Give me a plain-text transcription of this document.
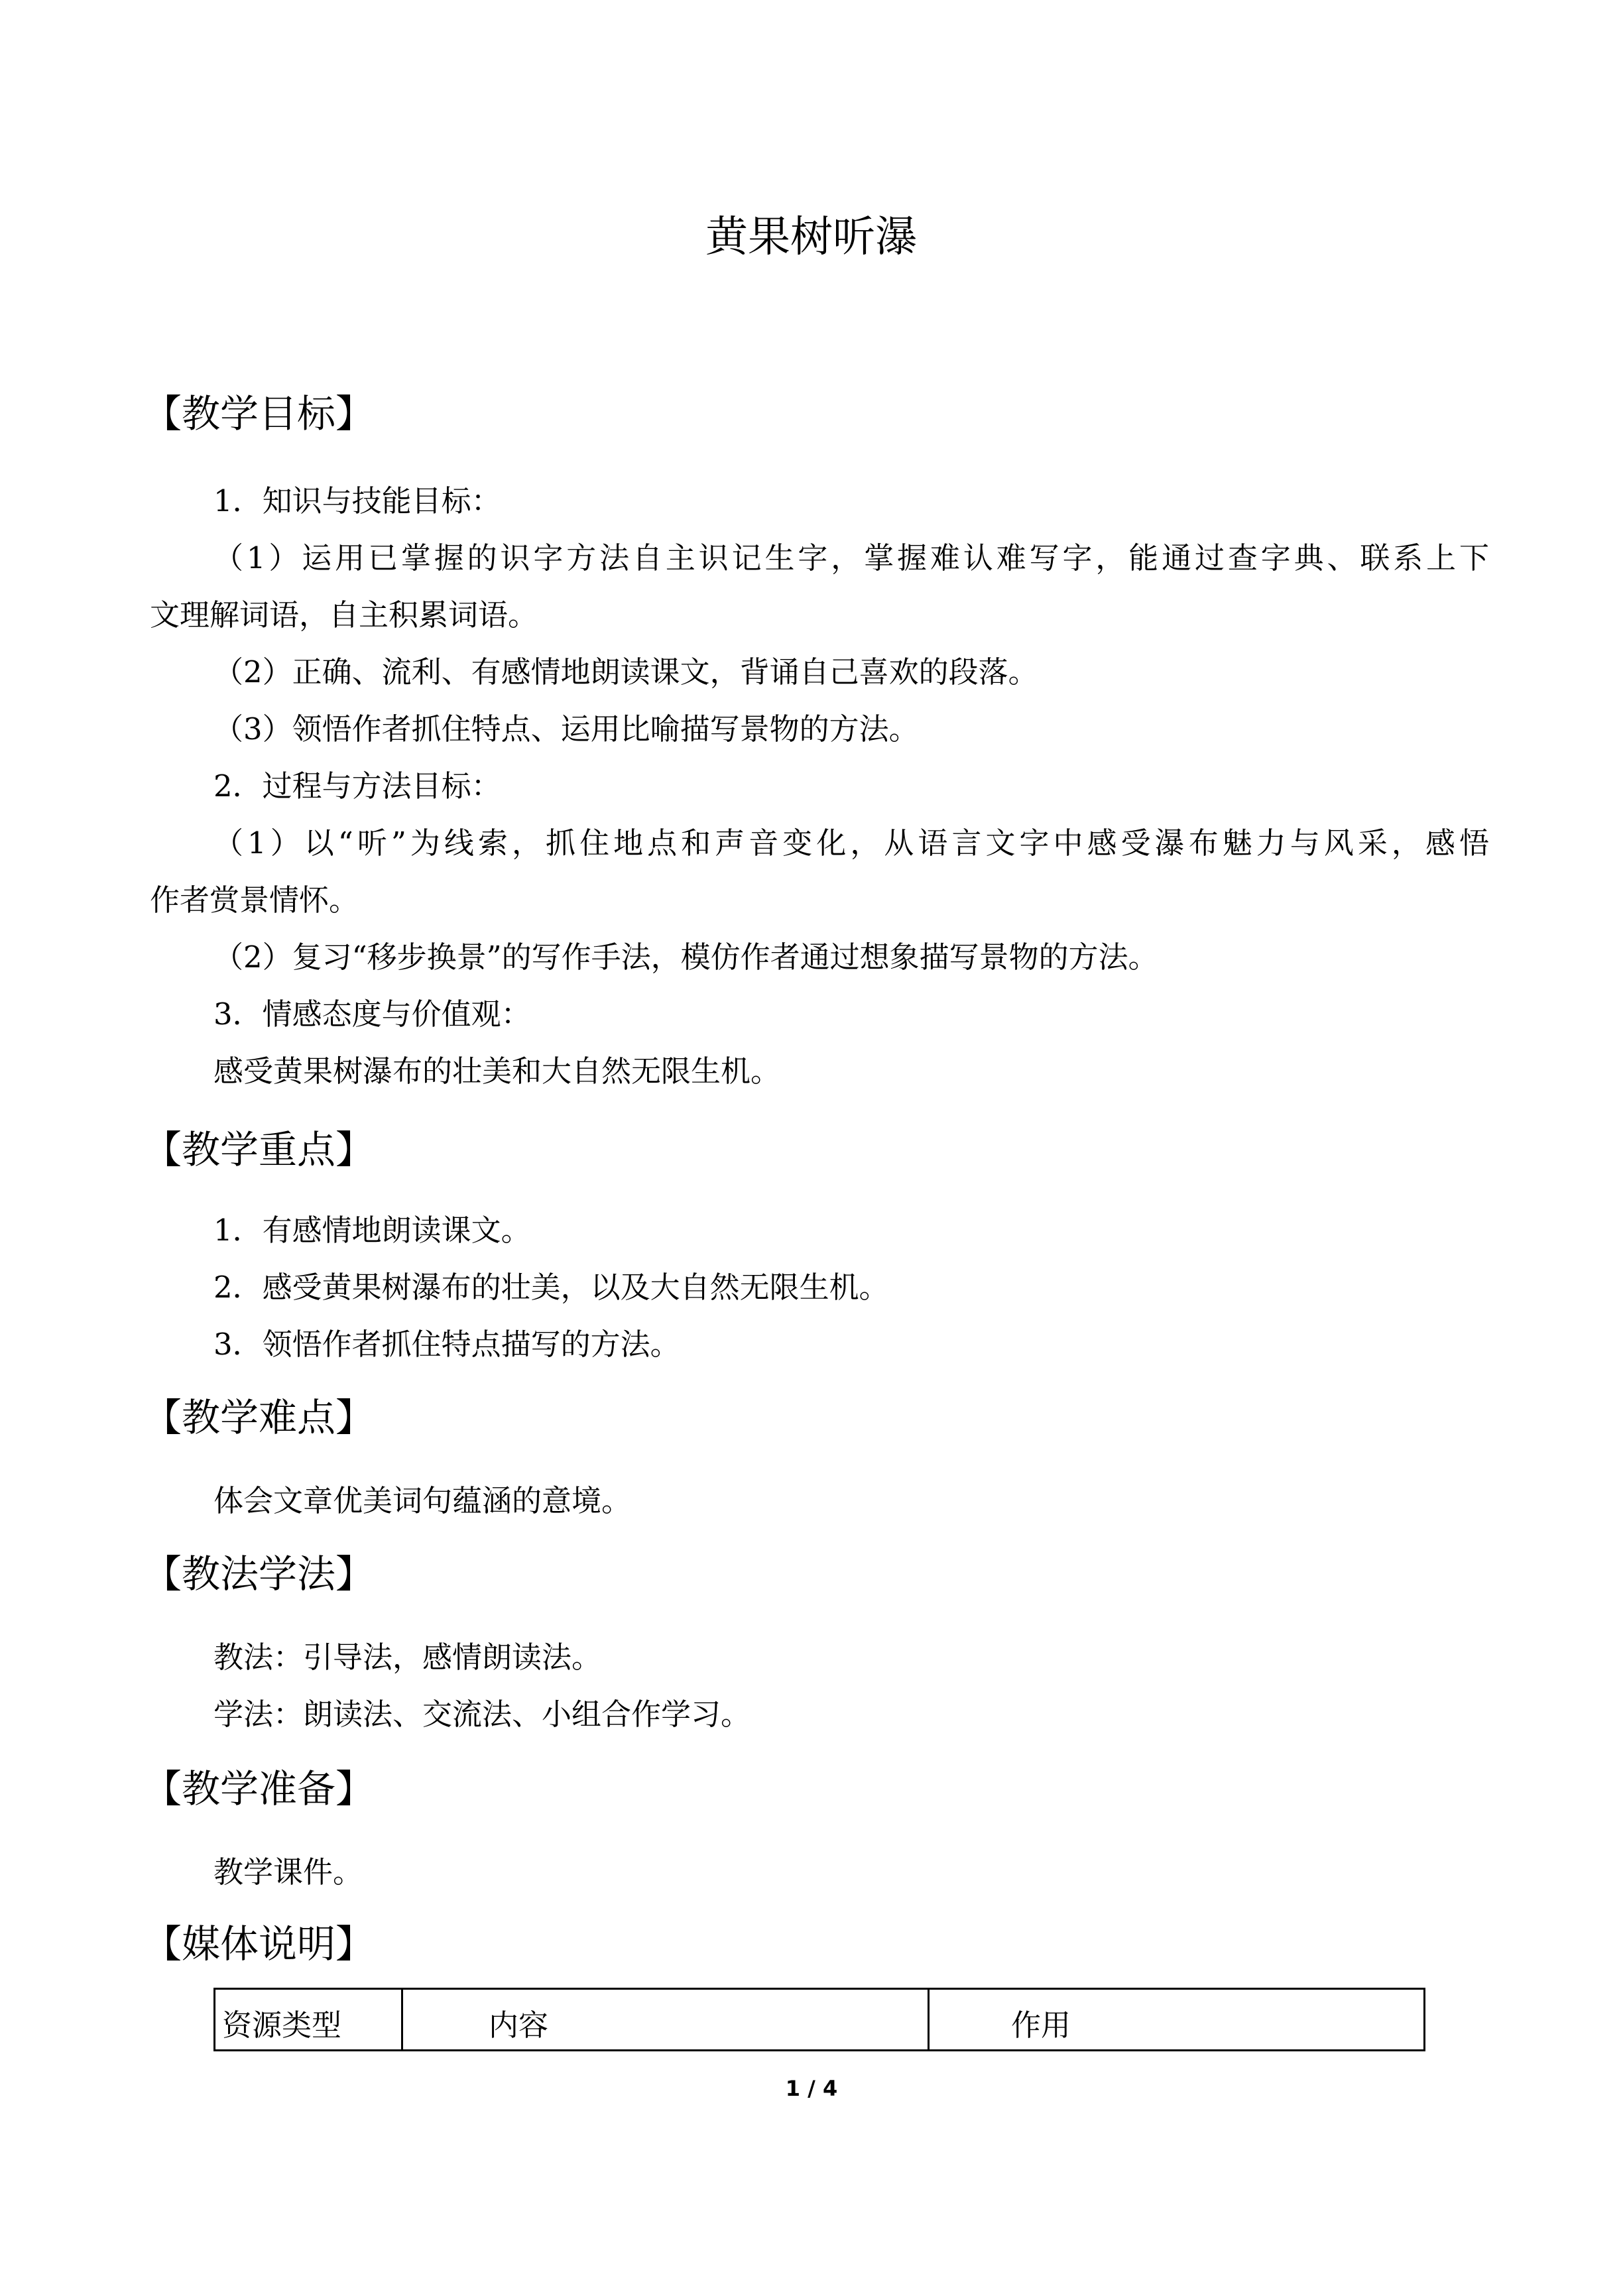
黄果树听瀑
【教学目标】
1．知识与技能目标：
（1）运用已掌握的识字方法自主识记生字，掌握难认难写字，能通过查字典、联系上下
文理解词语，自主积累词语。
（2）正确、流利、有感情地朗读课文，背诵自己喜欢的段落。
（3）领悟作者抓住特点、运用比喻描写景物的方法。
2．过程与方法目标：
（1）以“听”为线索，抓住地点和声音变化，从语言文字中感受瀑布魅力与风采，感悟
作者赏景情怀。
（2）复习“移步换景”的写作手法，模仿作者通过想象描写景物的方法。
3．情感态度与价值观：
感受黄果树瀑布的壮美和大自然无限生机。
【教学重点】
1．有感情地朗读课文。
2．感受黄果树瀑布的壮美，以及大自然无限生机。
3．领悟作者抓住特点描写的方法。
【教学难点】
体会文章优美词句蕴涵的意境。
【教法学法】
教法：引导法，感情朗读法。
学法：朗读法、交流法、小组合作学习。
【教学准备】
教学课件。
【媒体说明】
资源类型	内容	作用
1 / 4
